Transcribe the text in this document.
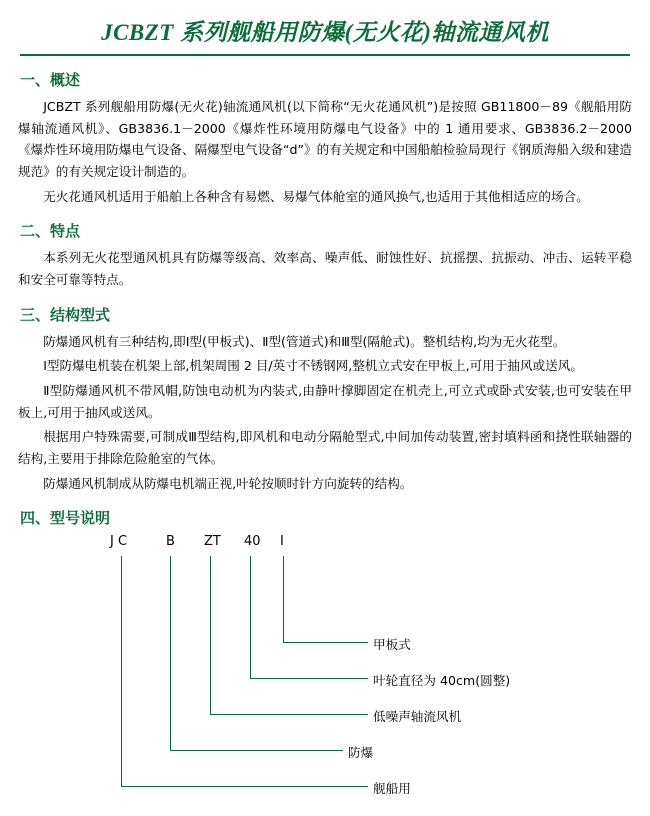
JCBZT 系列舰船用防爆(无火花)轴流通风机
一、概述

JCBZT 系列舰船用防爆(无火花)轴流通风机(以下简称“无火花通风机”)是按照 GB11800－89《舰船用防爆轴流通风机》、GB3836.1－2000《爆炸性环境用防爆电气设备》中的 1 通用要求、GB3836.2－2000《爆炸性环境用防爆电气设备、隔爆型电气设备“d”》的有关规定和中国船舶检验局现行《钢质海船入级和建造规范》的有关规定设计制造的。

无火花通风机适用于船舶上各种含有易燃、易爆气体舱室的通风换气,也适用于其他相适应的场合。

二、特点

本系列无火花型通风机具有防爆等级高、效率高、噪声低、耐蚀性好、抗摇摆、抗振动、冲击、运转平稳和安全可靠等特点。

三、结构型式

防爆通风机有三种结构,即Ⅰ型(甲板式)、Ⅱ型(管道式)和Ⅲ型(隔舱式)。整机结构,均为无火花型。

Ⅰ型防爆电机装在机架上部,机架周围 2 目/英寸不锈钢网,整机立式安在甲板上,可用于抽风或送风。

Ⅱ型防爆通风机不带风帽,防蚀电动机为内装式,由静叶撑脚固定在机壳上,可立式或卧式安装,也可安装在甲板上,可用于抽风或送风。

根据用户特殊需要,可制成Ⅲ型结构,即风机和电动分隔舱型式,中间加传动装置,密封填料函和挠性联轴器的结构,主要用于排除危险舱室的气体。

防爆通风机制成从防爆电机端正视,叶轮按顺时针方向旋转的结构。

四、型号说明
J C	B ZT 40 Ⅰ
甲板式
叶轮直径为 40cm(圆整)
低噪声轴流风机
防爆
舰船用
